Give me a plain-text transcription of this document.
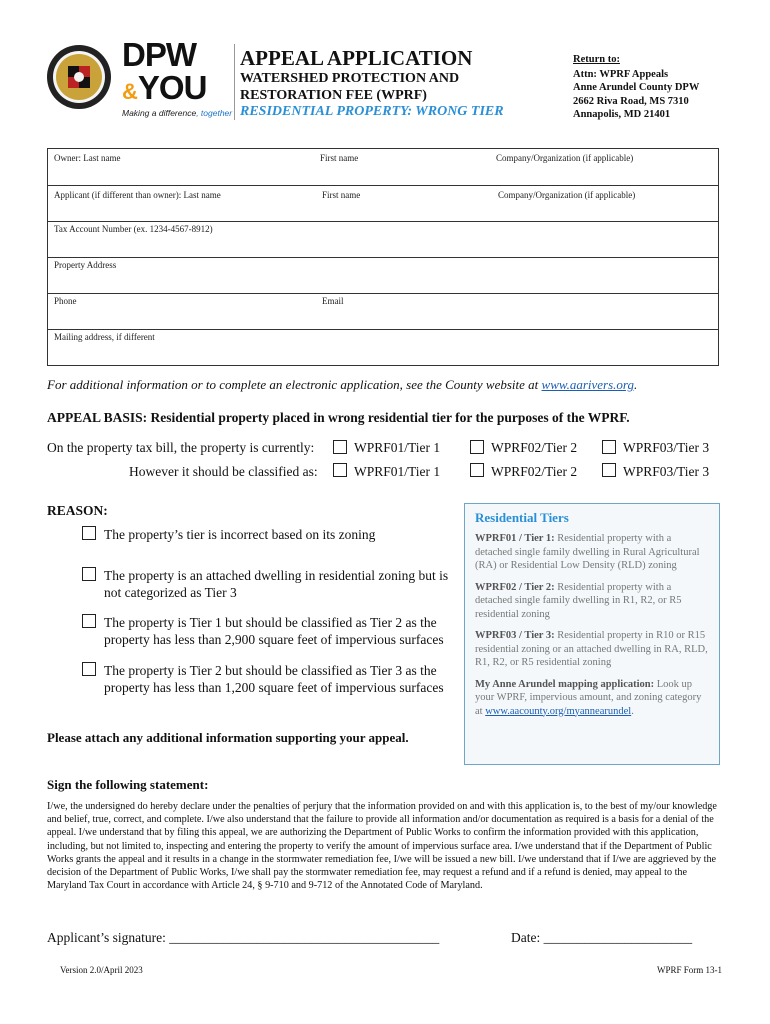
DPW
&YOU
Making a difference, together
APPEAL APPLICATION
WATERSHED PROTECTION AND
RESTORATION FEE (WPRF)
RESIDENTIAL PROPERTY: WRONG TIER
Return to:
Attn: WPRF Appeals
Anne Arundel County DPW
2662 Riva Road, MS 7310
Annapolis, MD 21401
Owner: Last name	First name	Company/Organization (if applicable)
Applicant (if different than owner): Last name	First name	Company/Organization (if applicable)
Tax Account Number (ex. 1234-4567-8912)
Property Address
Phone	Email
Mailing address, if different
For additional information or to complete an electronic application, see the County website at www.aarivers.org.
APPEAL BASIS: Residential property placed in wrong residential tier for the purposes of the WPRF.
On the property tax bill, the property is currently:	WPRF01/Tier 1	WPRF02/Tier 2	WPRF03/Tier 3
However it should be classified as:	WPRF01/Tier 1	WPRF02/Tier 2	WPRF03/Tier 3
REASON:
The property’s tier is incorrect based on its zoning
The property is an attached dwelling in residential zoning but is not categorized as Tier 3
The property is Tier 1 but should be classified as Tier 2 as the property has less than 2,900 square feet of impervious surfaces
The property is Tier 2 but should be classified as Tier 3 as the property has less than 1,200 square feet of impervious surfaces
Please attach any additional information supporting your appeal.
Residential Tiers

WPRF01 / Tier 1: Residential property with a detached single family dwelling in Rural Agricultural (RA) or Residential Low Density (RLD) zoning

WPRF02 / Tier 2: Residential property with a detached single family dwelling in R1, R2, or R5 residential zoning

WPRF03 / Tier 3: Residential property in R10 or R15 residential zoning or an attached dwelling in RA, RLD, R1, R2, or R5 residential zoning

My Anne Arundel mapping application: Look up your WPRF, impervious amount, and zoning category at www.aacounty.org/myannearundel.

Sign the following statement:
I/we, the undersigned do hereby declare under the penalties of perjury that the information provided on and with this application is, to the best of my/our knowledge and belief, true, correct, and complete. I/we also understand that the failure to provide all information and/or documentation as required is a basis for a denial of the appeal. I/we understand that by filing this appeal, we are authorizing the Department of Public Works to confirm the information provided with this application, including, but not limited to, inspecting and entering the property to verify the amount of impervious surface area. I/we understand that if the Department of Public Works grants the appeal and it results in a change in the stormwater remediation fee, I/we will be issued a new bill. I/we understand that if I/we are aggrieved by the decision of the Department of Public Works, I/we shall pay the stormwater remediation fee, may request a refund and if a refund is denied, may appeal to the Maryland Tax Court in accordance with Article 24, § 9-710 and 9-712 of the Annotated Code of Maryland.
Applicant’s signature: ________________________________________	Date: ______________________
Version 2.0/April 2023	WPRF Form 13-1
